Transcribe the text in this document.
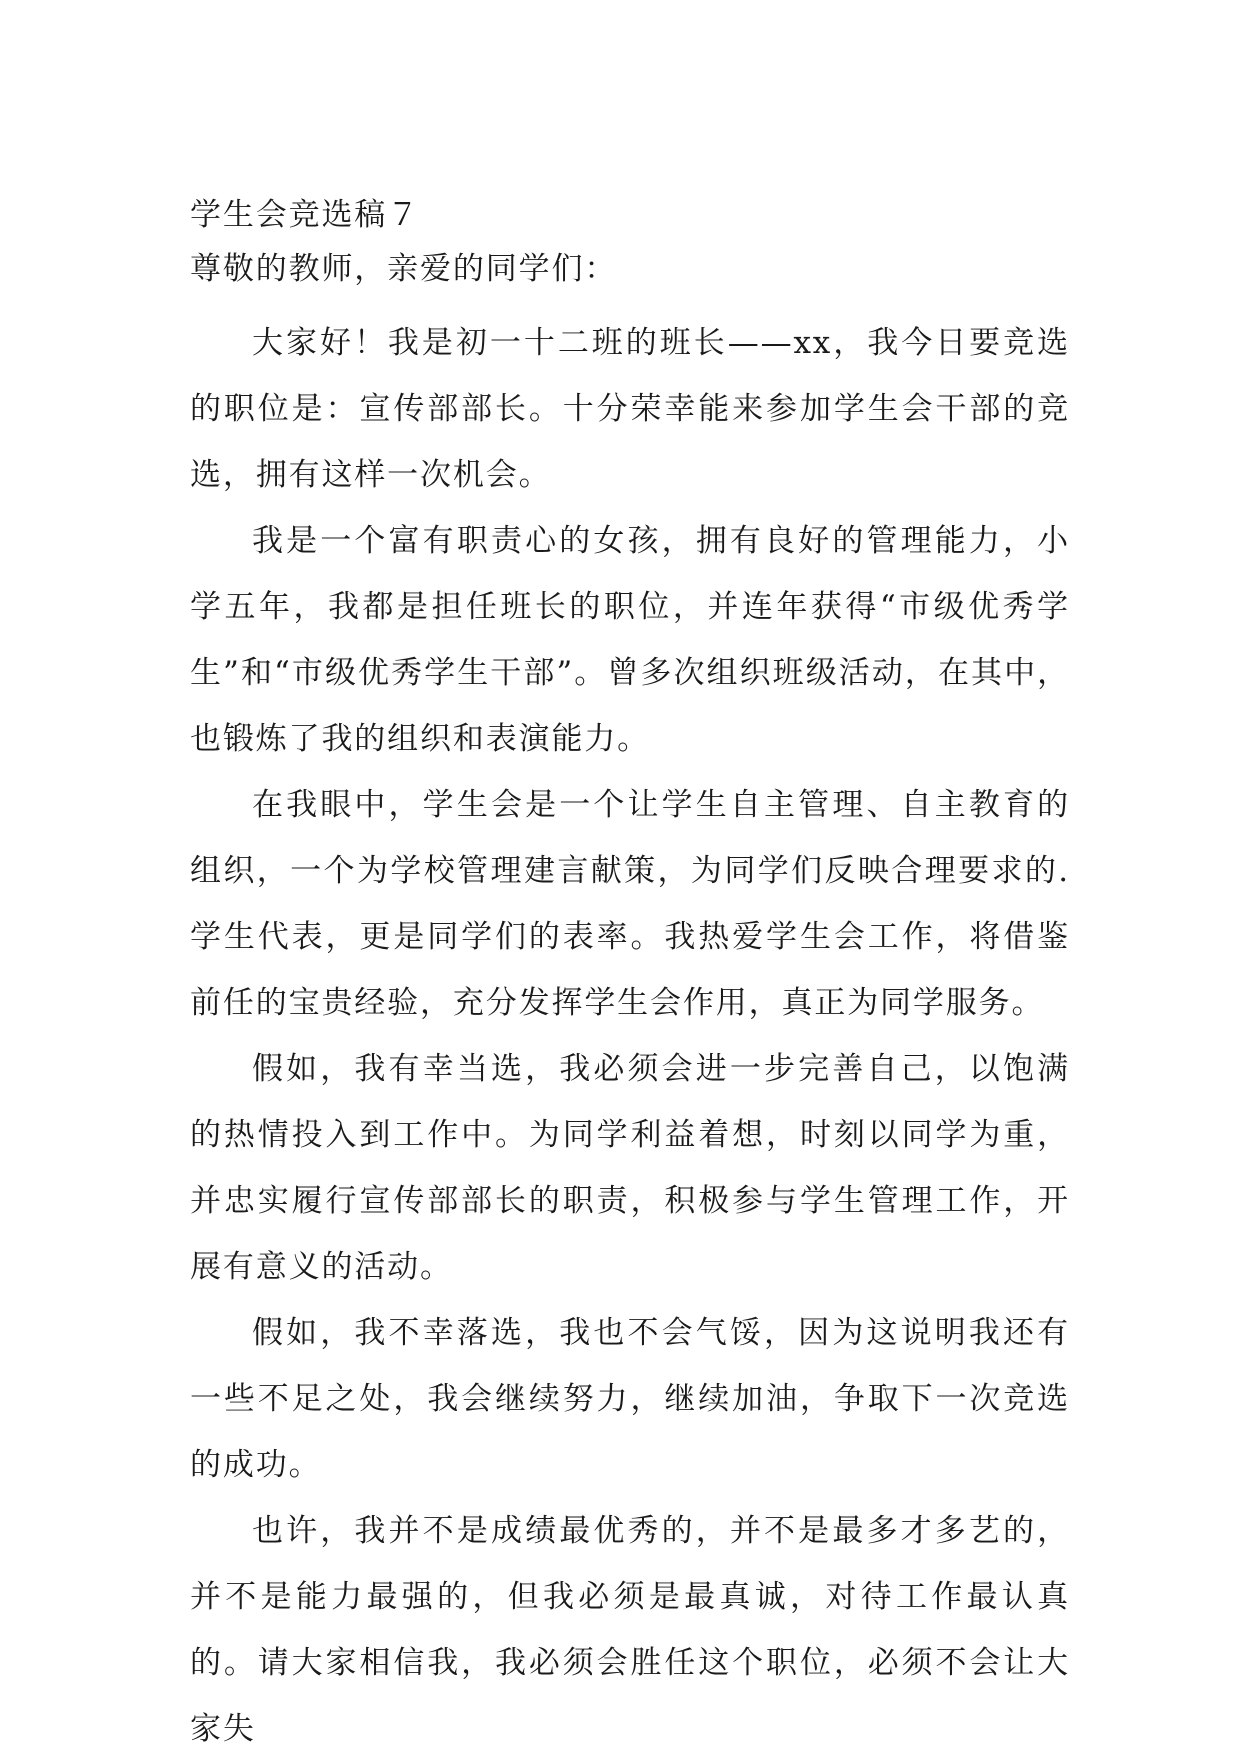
学生会竞选稿７

尊敬的教师，亲爱的同学们：

大家好！我是初一十二班的班长——xx，我今日要竞选的职位是：宣传部部长。十分荣幸能来参加学生会干部的竞选，拥有这样一次机会。

我是一个富有职责心的女孩，拥有良好的管理能力，小学五年，我都是担任班长的职位，并连年获得“市级优秀学生”和“市级优秀学生干部”。曾多次组织班级活动，在其中，也锻炼了我的组织和表演能力。

在我眼中，学生会是一个让学生自主管理、自主教育的组织，一个为学校管理建言献策，为同学们反映合理要求的.学生代表，更是同学们的表率。我热爱学生会工作，将借鉴前任的宝贵经验，充分发挥学生会作用，真正为同学服务。

假如，我有幸当选，我必须会进一步完善自己，以饱满的热情投入到工作中。为同学利益着想，时刻以同学为重，并忠实履行宣传部部长的职责，积极参与学生管理工作，开展有意义的活动。

假如，我不幸落选，我也不会气馁，因为这说明我还有一些不足之处，我会继续努力，继续加油，争取下一次竞选的成功。

也许，我并不是成绩最优秀的，并不是最多才多艺的，并不是能力最强的，但我必须是最真诚，对待工作最认真的。请大家相信我，我必须会胜任这个职位，必须不会让大家失
